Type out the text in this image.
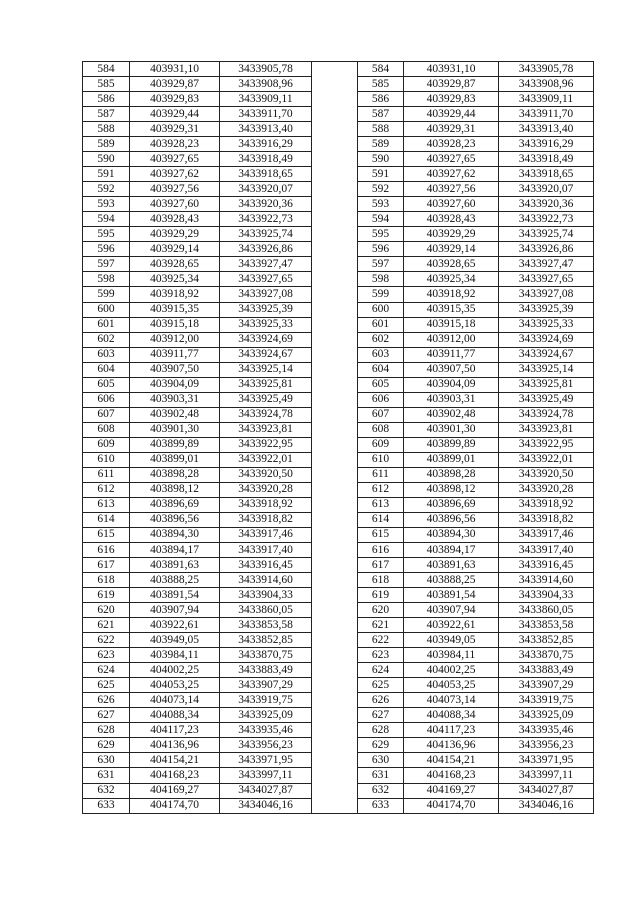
584	403931,10	3433905,78		584	403931,10	3433905,78
585	403929,87	3433908,96		585	403929,87	3433908,96
586	403929,83	3433909,11		586	403929,83	3433909,11
587	403929,44	3433911,70		587	403929,44	3433911,70
588	403929,31	3433913,40		588	403929,31	3433913,40
589	403928,23	3433916,29		589	403928,23	3433916,29
590	403927,65	3433918,49		590	403927,65	3433918,49
591	403927,62	3433918,65		591	403927,62	3433918,65
592	403927,56	3433920,07		592	403927,56	3433920,07
593	403927,60	3433920,36		593	403927,60	3433920,36
594	403928,43	3433922,73		594	403928,43	3433922,73
595	403929,29	3433925,74		595	403929,29	3433925,74
596	403929,14	3433926,86		596	403929,14	3433926,86
597	403928,65	3433927,47		597	403928,65	3433927,47
598	403925,34	3433927,65		598	403925,34	3433927,65
599	403918,92	3433927,08		599	403918,92	3433927,08
600	403915,35	3433925,39		600	403915,35	3433925,39
601	403915,18	3433925,33		601	403915,18	3433925,33
602	403912,00	3433924,69		602	403912,00	3433924,69
603	403911,77	3433924,67		603	403911,77	3433924,67
604	403907,50	3433925,14		604	403907,50	3433925,14
605	403904,09	3433925,81		605	403904,09	3433925,81
606	403903,31	3433925,49		606	403903,31	3433925,49
607	403902,48	3433924,78		607	403902,48	3433924,78
608	403901,30	3433923,81		608	403901,30	3433923,81
609	403899,89	3433922,95		609	403899,89	3433922,95
610	403899,01	3433922,01		610	403899,01	3433922,01
611	403898,28	3433920,50		611	403898,28	3433920,50
612	403898,12	3433920,28		612	403898,12	3433920,28
613	403896,69	3433918,92		613	403896,69	3433918,92
614	403896,56	3433918,82		614	403896,56	3433918,82
615	403894,30	3433917,46		615	403894,30	3433917,46
616	403894,17	3433917,40		616	403894,17	3433917,40
617	403891,63	3433916,45		617	403891,63	3433916,45
618	403888,25	3433914,60		618	403888,25	3433914,60
619	403891,54	3433904,33		619	403891,54	3433904,33
620	403907,94	3433860,05		620	403907,94	3433860,05
621	403922,61	3433853,58		621	403922,61	3433853,58
622	403949,05	3433852,85		622	403949,05	3433852,85
623	403984,11	3433870,75		623	403984,11	3433870,75
624	404002,25	3433883,49		624	404002,25	3433883,49
625	404053,25	3433907,29		625	404053,25	3433907,29
626	404073,14	3433919,75		626	404073,14	3433919,75
627	404088,34	3433925,09		627	404088,34	3433925,09
628	404117,23	3433935,46		628	404117,23	3433935,46
629	404136,96	3433956,23		629	404136,96	3433956,23
630	404154,21	3433971,95		630	404154,21	3433971,95
631	404168,23	3433997,11		631	404168,23	3433997,11
632	404169,27	3434027,87		632	404169,27	3434027,87
633	404174,70	3434046,16		633	404174,70	3434046,16
